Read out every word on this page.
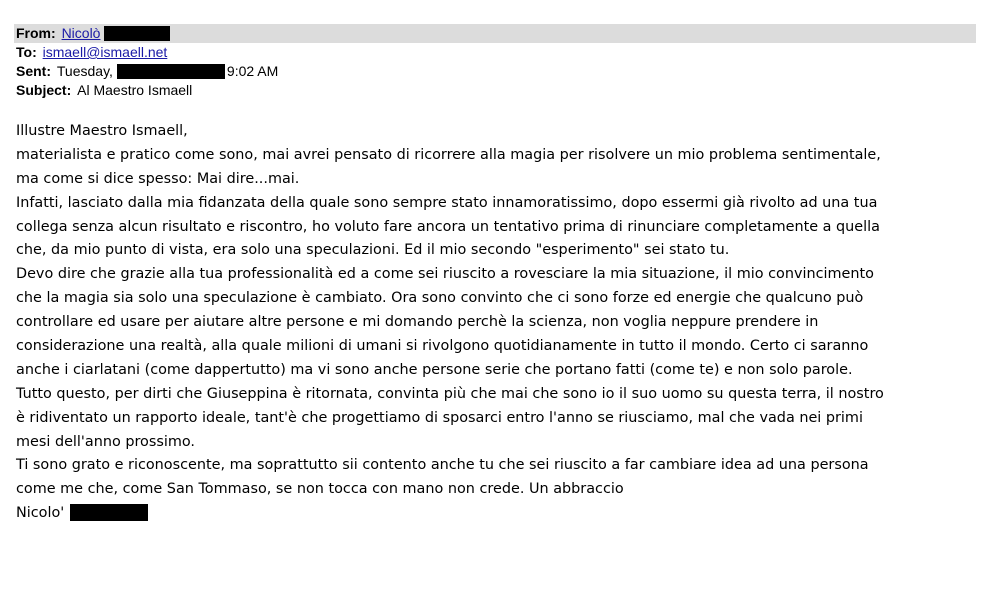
From: Nicolò
To: ismaell@ismaell.net
Sent: Tuesday,	9:02 AM
Subject: Al Maestro Ismaell
Illustre Maestro Ismaell,
materialista e pratico come sono, mai avrei pensato di ricorrere alla magia per risolvere un mio problema sentimentale,
ma come si dice spesso: Mai dire...mai.
Infatti, lasciato dalla mia fidanzata della quale sono sempre stato innamoratissimo, dopo essermi già rivolto ad una tua
collega senza alcun risultato e riscontro, ho voluto fare ancora un tentativo prima di rinunciare completamente a quella
che, da mio punto di vista, era solo una speculazioni. Ed il mio secondo "esperimento" sei stato tu.
Devo dire che grazie alla tua professionalità ed a come sei riuscito a rovesciare la mia situazione, il mio convincimento
che la magia sia solo una speculazione è cambiato. Ora sono convinto che ci sono forze ed energie che qualcuno può
controllare ed usare per aiutare altre persone e mi domando perchè la scienza, non voglia neppure prendere in
considerazione una realtà, alla quale milioni di umani si rivolgono quotidianamente in tutto il mondo. Certo ci saranno
anche i ciarlatani (come dappertutto) ma vi sono anche persone serie che portano fatti (come te) e non solo parole.
Tutto questo, per dirti che Giuseppina è ritornata, convinta più che mai che sono io il suo uomo su questa terra, il nostro
è ridiventato un rapporto ideale, tant'è che progettiamo di sposarci entro l'anno se riusciamo, mal che vada nei primi
mesi dell'anno prossimo.
Ti sono grato e riconoscente, ma soprattutto sii contento anche tu che sei riuscito a far cambiare idea ad una persona
come me che, come San Tommaso, se non tocca con mano non crede. Un abbraccio
Nicolo'
